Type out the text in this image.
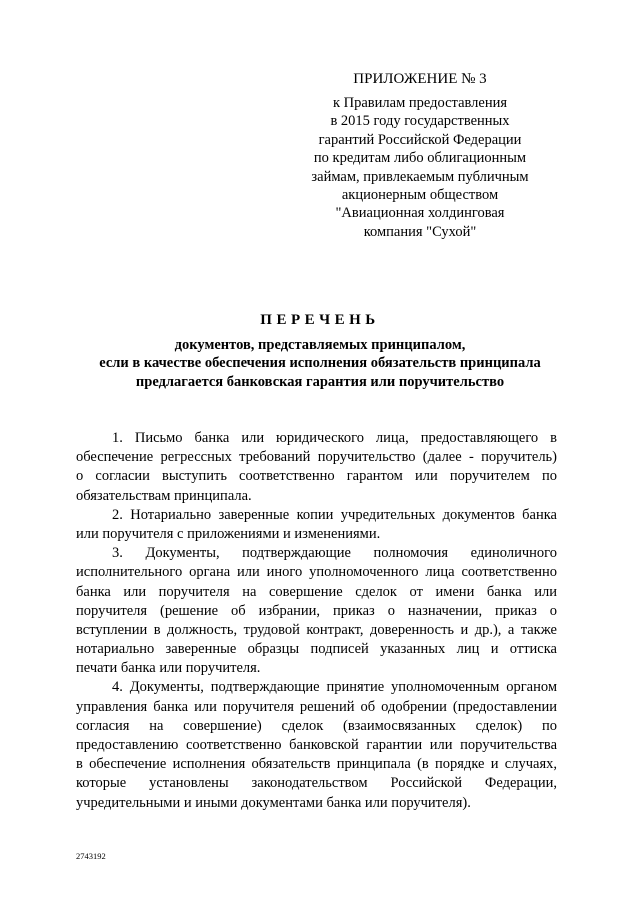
ПРИЛОЖЕНИЕ № 3
к Правилам предоставления
в 2015 году государственных
гарантий Российской Федерации
по кредитам либо облигационным
займам, привлекаемым публичным
акционерным обществом
"Авиационная холдинговая
компания "Сухой"
ПЕРЕЧЕНЬ
документов, представляемых принципалом,
если в качестве обеспечения исполнения обязательств принципала
предлагается банковская гарантия или поручительство
1. Письмо банка или юридического лица, предоставляющего в
обеспечение регрессных требований поручительство (далее - поручитель)
о согласии выступить соответственно гарантом или поручителем по
обязательствам принципала.
2. Нотариально заверенные копии учредительных документов банка
или поручителя с приложениями и изменениями.
3. Документы, подтверждающие полномочия единоличного
исполнительного органа или иного уполномоченного лица соответственно
банка или поручителя на совершение сделок от имени банка или
поручителя (решение об избрании, приказ о назначении, приказ о
вступлении в должность, трудовой контракт, доверенность и др.), а также
нотариально заверенные образцы подписей указанных лиц и оттиска
печати банка или поручителя.
4. Документы, подтверждающие принятие уполномоченным органом
управления банка или поручителя решений об одобрении (предоставлении
согласия на совершение) сделок (взаимосвязанных сделок) по
предоставлению соответственно банковской гарантии или поручительства
в обеспечение исполнения обязательств принципала (в порядке и случаях,
которые установлены законодательством Российской Федерации,
учредительными и иными документами банка или поручителя).
2743192
